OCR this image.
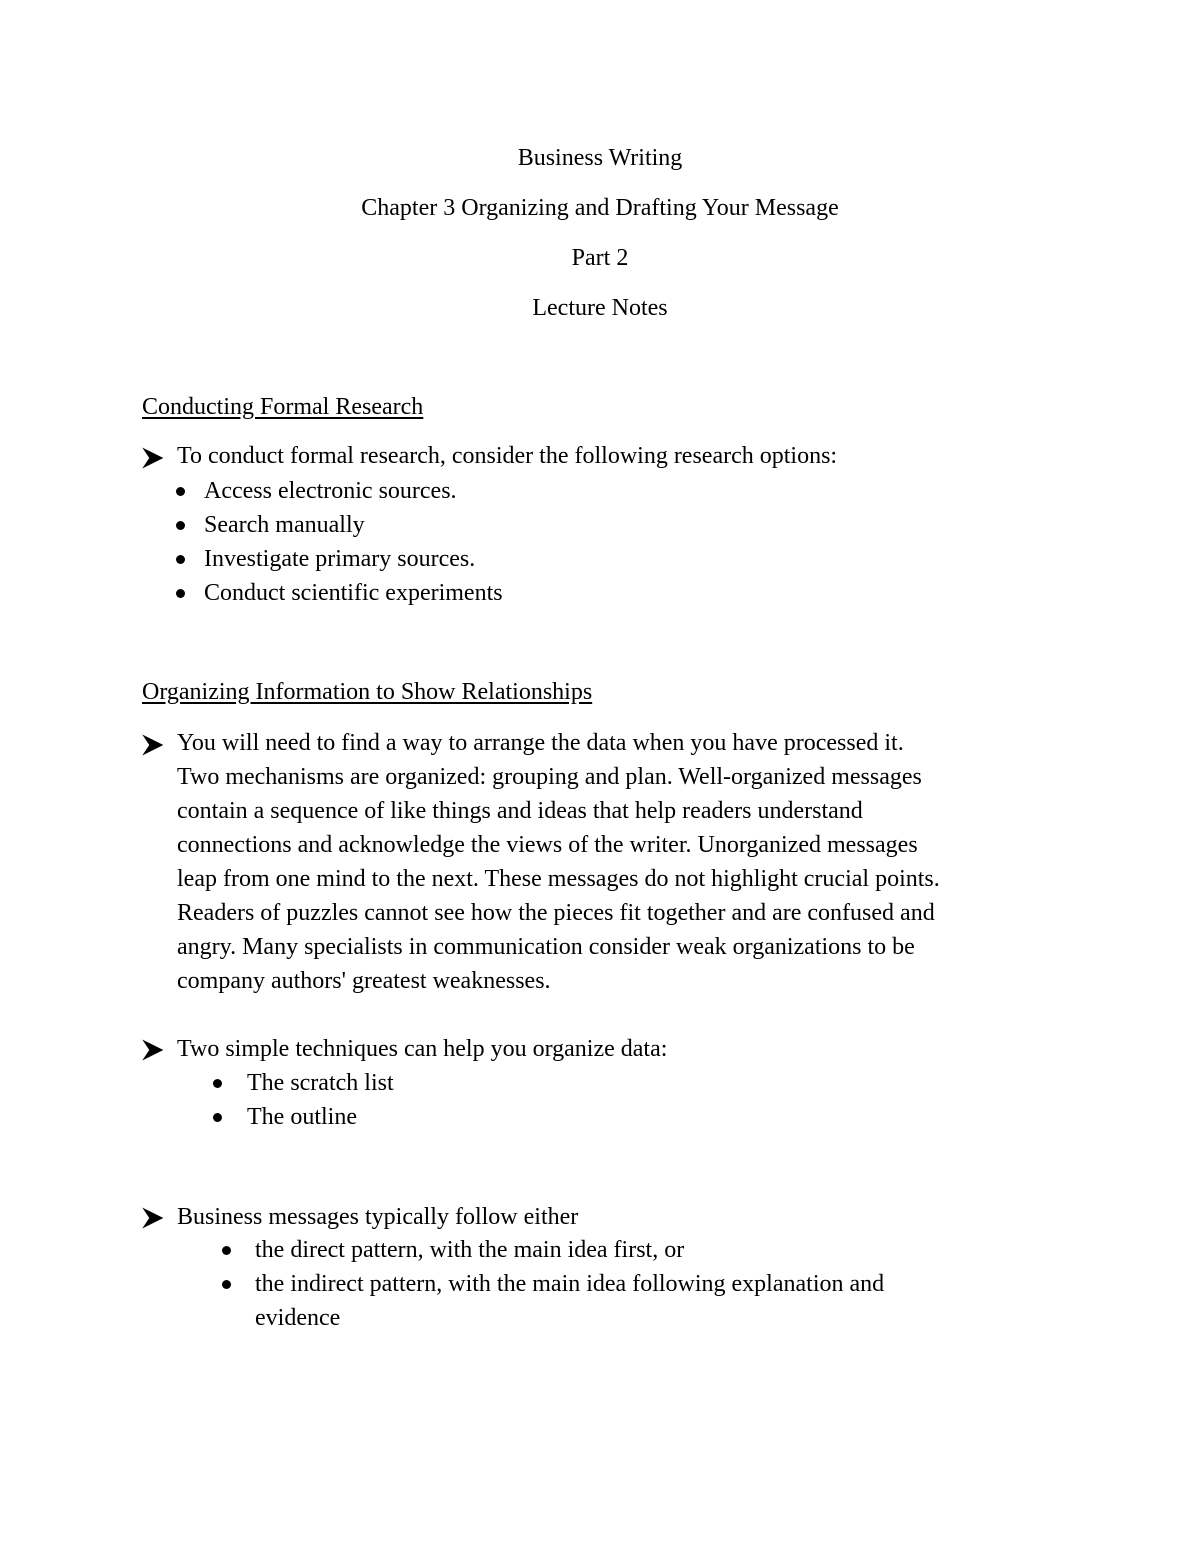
Business Writing
Chapter 3 Organizing and Drafting Your Message
Part 2
Lecture Notes
Conducting Formal Research
To conduct formal research, consider the following research options:
Access electronic sources.
Search manually
Investigate primary sources.
Conduct scientific experiments
Organizing Information to Show Relationships
You will need to find a way to arrange the data when you have processed it.
Two mechanisms are organized: grouping and plan. Well-organized messages
contain a sequence of like things and ideas that help readers understand
connections and acknowledge the views of the writer. Unorganized messages
leap from one mind to the next. These messages do not highlight crucial points.
Readers of puzzles cannot see how the pieces fit together and are confused and
angry. Many specialists in communication consider weak organizations to be
company authors' greatest weaknesses.
Two simple techniques can help you organize data:
The scratch list
The outline
Business messages typically follow either
the direct pattern, with the main idea first, or
the indirect pattern, with the main idea following explanation and
evidence
